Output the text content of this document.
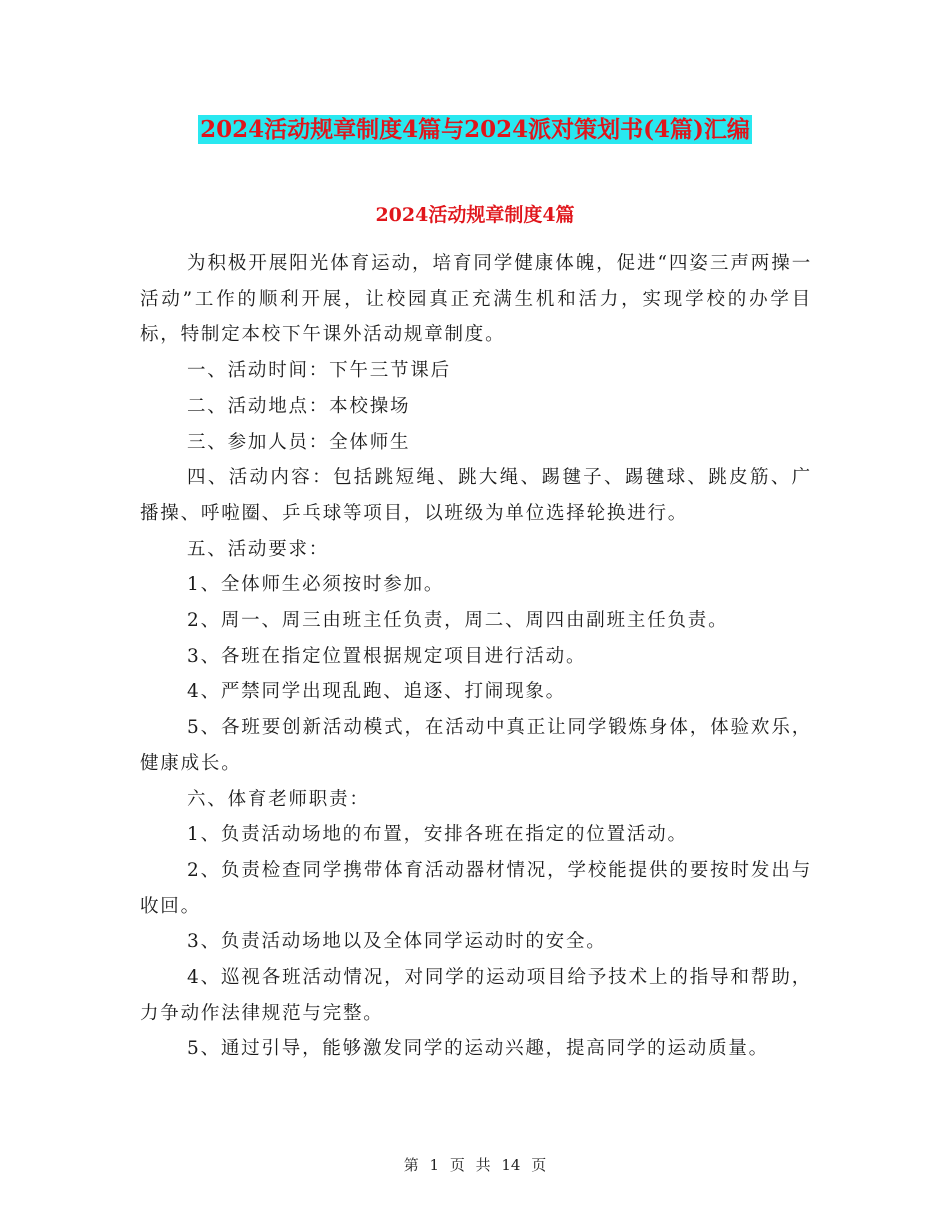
2024活动规章制度4篇与2024派对策划书(4篇)汇编
2024活动规章制度4篇

为积极开展阳光体育运动，培育同学健康体魄，促进“四姿三声两操一活动”工作的顺利开展，让校园真正充满生机和活力，实现学校的办学目标，特制定本校下午课外活动规章制度。

一、活动时间：下午三节课后

二、活动地点：本校操场

三、参加人员：全体师生

四、活动内容：包括跳短绳、跳大绳、踢毽子、踢毽球、跳皮筋、广播操、呼啦圈、乒乓球等项目，以班级为单位选择轮换进行。

五、活动要求：

1、全体师生必须按时参加。

2、周一、周三由班主任负责，周二、周四由副班主任负责。

3、各班在指定位置根据规定项目进行活动。

4、严禁同学出现乱跑、追逐、打闹现象。

5、各班要创新活动模式，在活动中真正让同学锻炼身体，体验欢乐，健康成长。

六、体育老师职责：

1、负责活动场地的布置，安排各班在指定的位置活动。

2、负责检查同学携带体育活动器材情况，学校能提供的要按时发出与收回。

3、负责活动场地以及全体同学运动时的安全。

4、巡视各班活动情况，对同学的运动项目给予技术上的指导和帮助，力争动作法律规范与完整。

5、通过引导，能够激发同学的运动兴趣，提高同学的运动质量。

第 1 页 共 14 页
